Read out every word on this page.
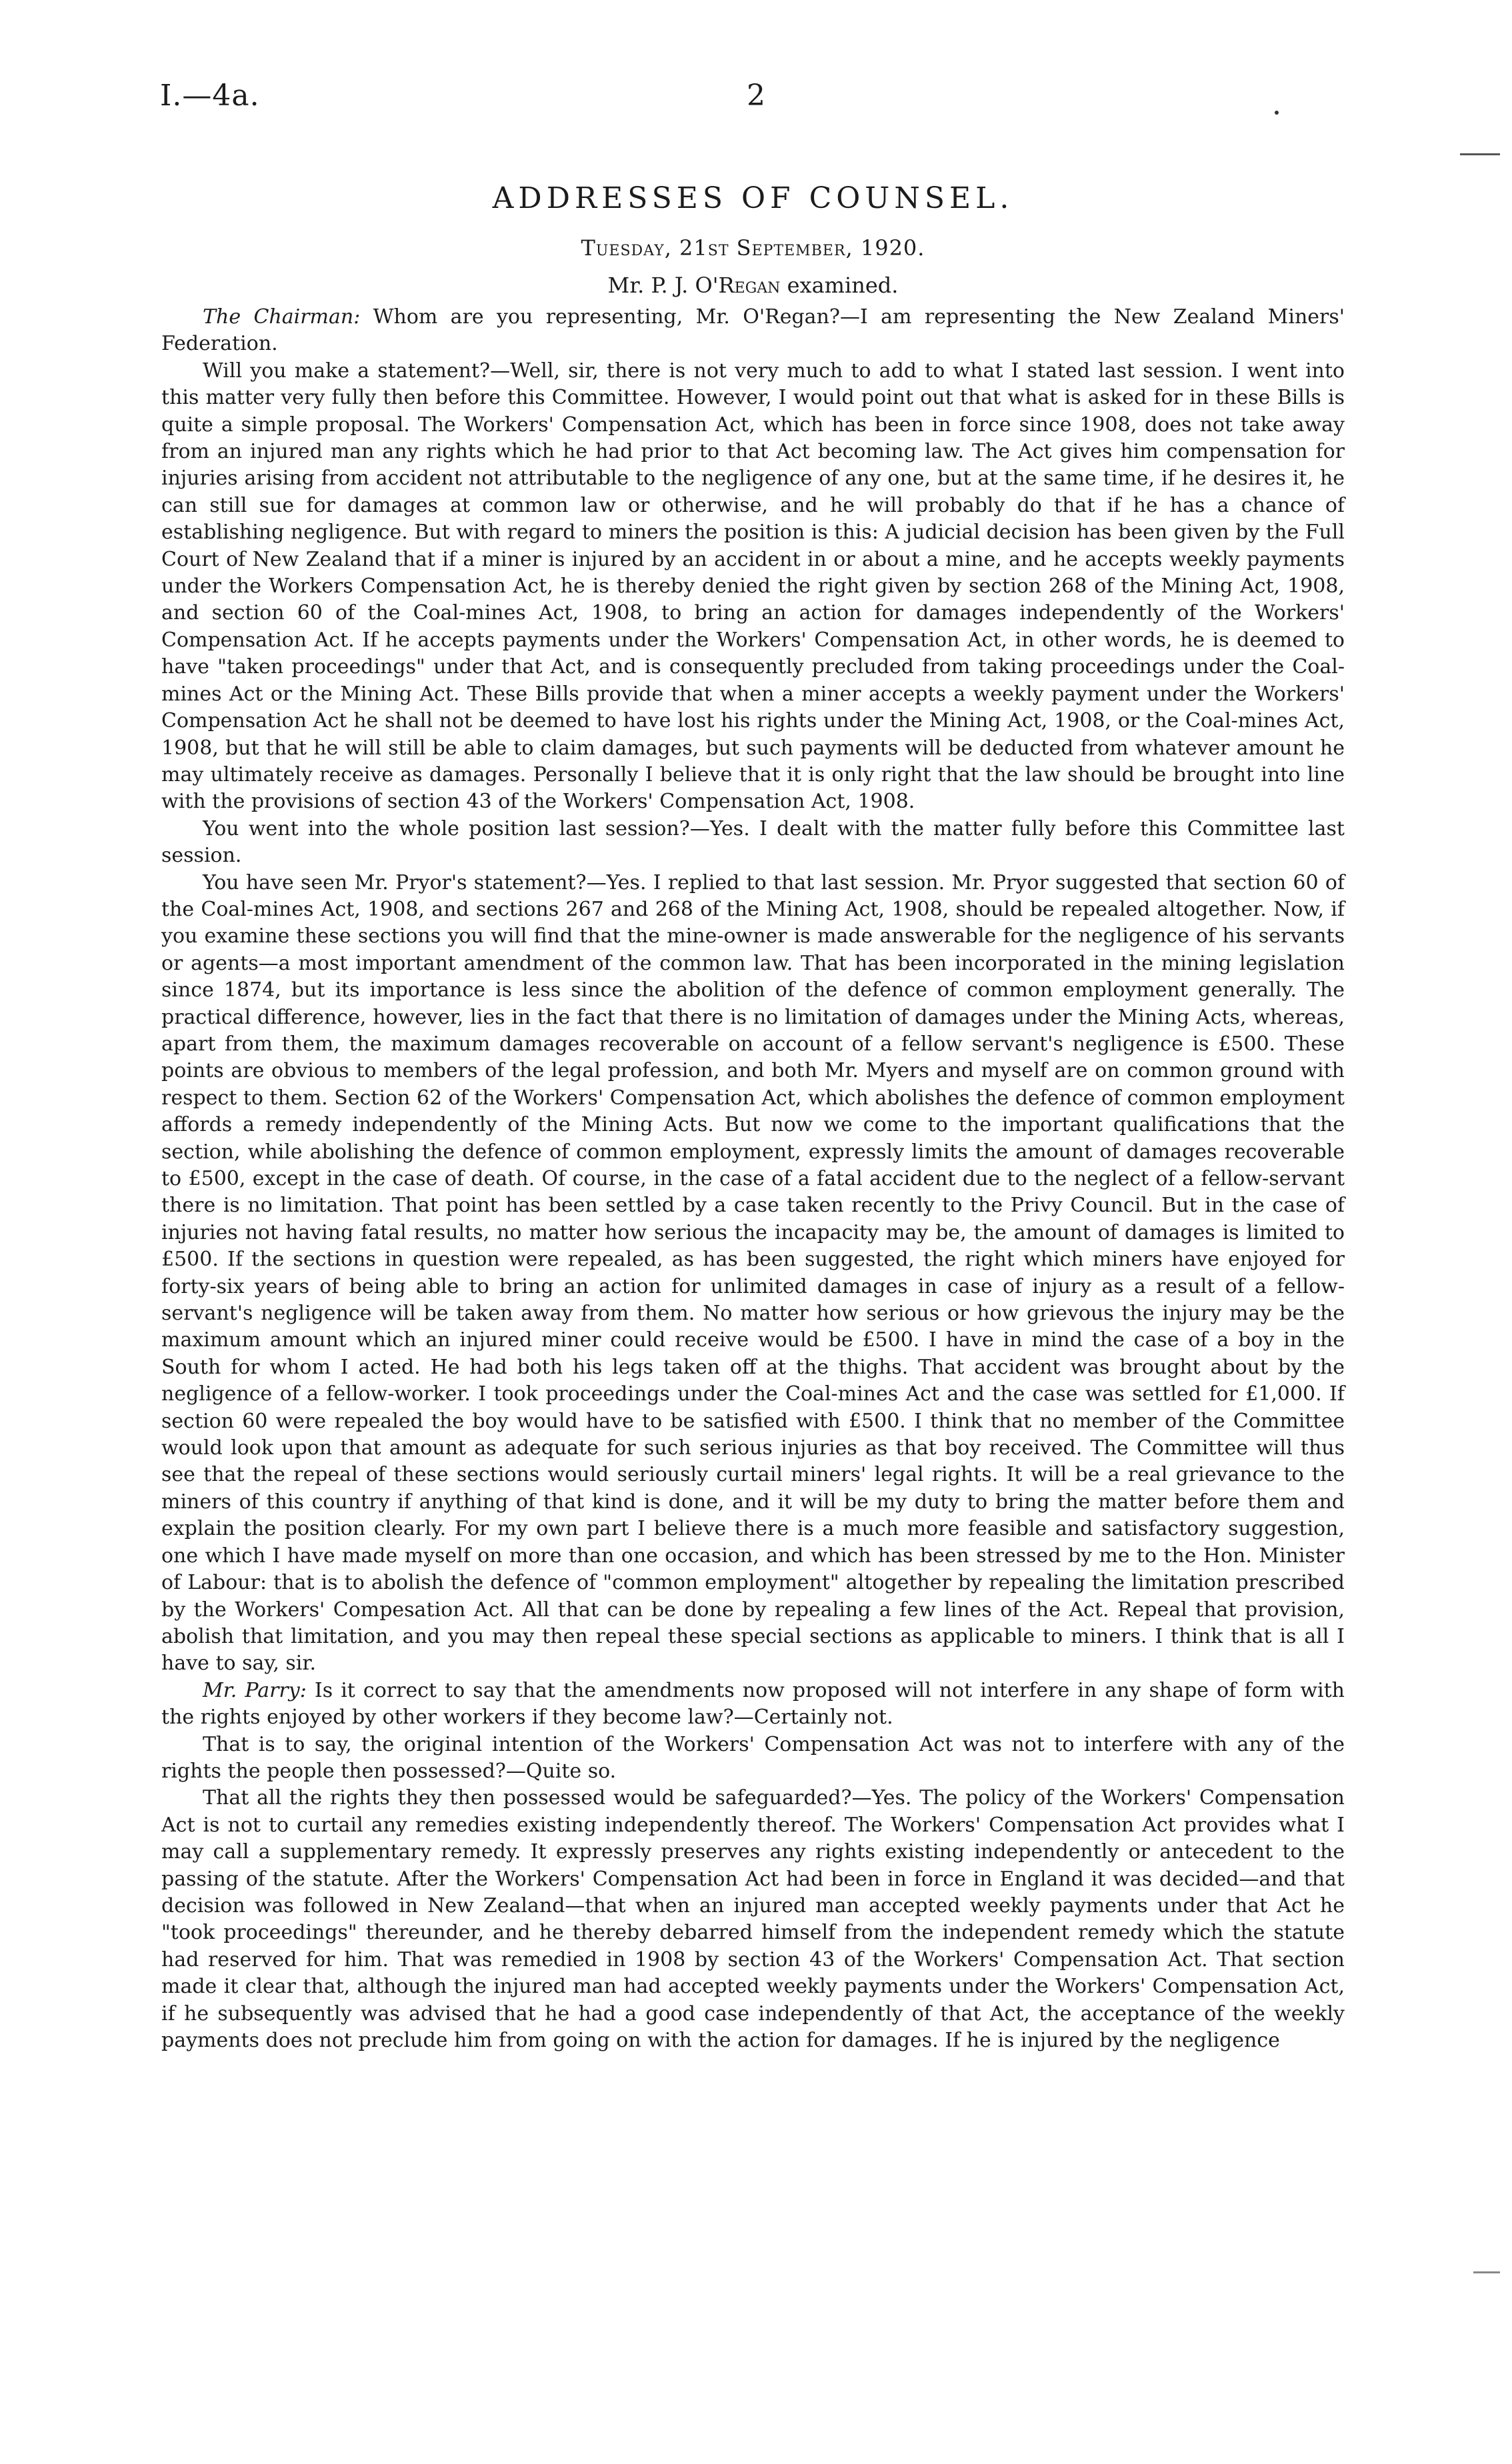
I.—4a.	2
ADDRESSES OF COUNSEL.
Tuesday, 21st September, 1920.
Mr. P. J. O'Regan examined.

The Chairman: Whom are you representing, Mr. O'Regan?—I am representing the New Zealand Miners' Federation.

Will you make a statement?—Well, sir, there is not very much to add to what I stated last session. I went into this matter very fully then before this Committee. However, I would point out that what is asked for in these Bills is quite a simple proposal. The Workers' Compensation Act, which has been in force since 1908, does not take away from an injured man any rights which he had prior to that Act becoming law. The Act gives him compensation for injuries arising from accident not attributable to the negligence of any one, but at the same time, if he desires it, he can still sue for damages at common law or otherwise, and he will probably do that if he has a chance of establishing negligence. But with regard to miners the position is this: A judicial decision has been given by the Full Court of New Zealand that if a miner is injured by an accident in or about a mine, and he accepts weekly payments under the Workers Compensation Act, he is thereby denied the right given by section 268 of the Mining Act, 1908, and section 60 of the Coal-mines Act, 1908, to bring an action for damages independently of the Workers' Compensation Act. If he accepts payments under the Workers' Compensation Act, in other words, he is deemed to have "taken proceedings" under that Act, and is consequently precluded from taking proceedings under the Coal-mines Act or the Mining Act. These Bills provide that when a miner accepts a weekly payment under the Workers' Compensation Act he shall not be deemed to have lost his rights under the Mining Act, 1908, or the Coal-mines Act, 1908, but that he will still be able to claim damages, but such payments will be deducted from whatever amount he may ultimately receive as damages. Personally I believe that it is only right that the law should be brought into line with the provisions of section 43 of the Workers' Compensation Act, 1908.

You went into the whole position last session?—Yes. I dealt with the matter fully before this Committee last session.

You have seen Mr. Pryor's statement?—Yes. I replied to that last session. Mr. Pryor suggested that section 60 of the Coal-mines Act, 1908, and sections 267 and 268 of the Mining Act, 1908, should be repealed altogether. Now, if you examine these sections you will find that the mine-owner is made answerable for the negligence of his servants or agents—a most important amendment of the common law. That has been incorporated in the mining legislation since 1874, but its importance is less since the abolition of the defence of common employment generally. The practical difference, however, lies in the fact that there is no limitation of damages under the Mining Acts, whereas, apart from them, the maximum damages recoverable on account of a fellow servant's negligence is £500. These points are obvious to members of the legal profession, and both Mr. Myers and myself are on common ground with respect to them. Section 62 of the Workers' Compensation Act, which abolishes the defence of common employment affords a remedy independently of the Mining Acts. But now we come to the important qualifications that the section, while abolishing the defence of common employment, expressly limits the amount of damages recoverable to £500, except in the case of death. Of course, in the case of a fatal accident due to the neglect of a fellow-servant there is no limitation. That point has been settled by a case taken recently to the Privy Council. But in the case of injuries not having fatal results, no matter how serious the incapacity may be, the amount of damages is limited to £500. If the sections in question were repealed, as has been suggested, the right which miners have enjoyed for forty-six years of being able to bring an action for unlimited damages in case of injury as a result of a fellow-servant's negligence will be taken away from them. No matter how serious or how grievous the injury may be the maximum amount which an injured miner could receive would be £500. I have in mind the case of a boy in the South for whom I acted. He had both his legs taken off at the thighs. That accident was brought about by the negligence of a fellow-worker. I took proceedings under the Coal-mines Act and the case was settled for £1,000. If section 60 were repealed the boy would have to be satisfied with £500. I think that no member of the Committee would look upon that amount as adequate for such serious injuries as that boy received. The Committee will thus see that the repeal of these sections would seriously curtail miners' legal rights. It will be a real grievance to the miners of this country if anything of that kind is done, and it will be my duty to bring the matter before them and explain the position clearly. For my own part I believe there is a much more feasible and satisfactory suggestion, one which I have made myself on more than one occasion, and which has been stressed by me to the Hon. Minister of Labour: that is to abolish the defence of "common employment" altogether by repealing the limitation prescribed by the Workers' Compesation Act. All that can be done by repealing a few lines of the Act. Repeal that provision, abolish that limitation, and you may then repeal these special sections as applicable to miners. I think that is all I have to say, sir.

Mr. Parry: Is it correct to say that the amendments now proposed will not interfere in any shape of form with the rights enjoyed by other workers if they become law?—Certainly not.

That is to say, the original intention of the Workers' Compensation Act was not to interfere with any of the rights the people then possessed?—Quite so.

That all the rights they then possessed would be safeguarded?—Yes. The policy of the Workers' Compensation Act is not to curtail any remedies existing independently thereof. The Workers' Compensation Act provides what I may call a supplementary remedy. It expressly preserves any rights existing independently or antecedent to the passing of the statute. After the Workers' Compensation Act had been in force in England it was decided—and that decision was followed in New Zealand—that when an injured man accepted weekly payments under that Act he "took proceedings" thereunder, and he thereby debarred himself from the independent remedy which the statute had reserved for him. That was remedied in 1908 by section 43 of the Workers' Compensation Act. That section made it clear that, although the injured man had accepted weekly payments under the Workers' Compensation Act, if he subsequently was advised that he had a good case independently of that Act, the acceptance of the weekly payments does not preclude him from going on with the action for damages. If he is injured by the negligence
